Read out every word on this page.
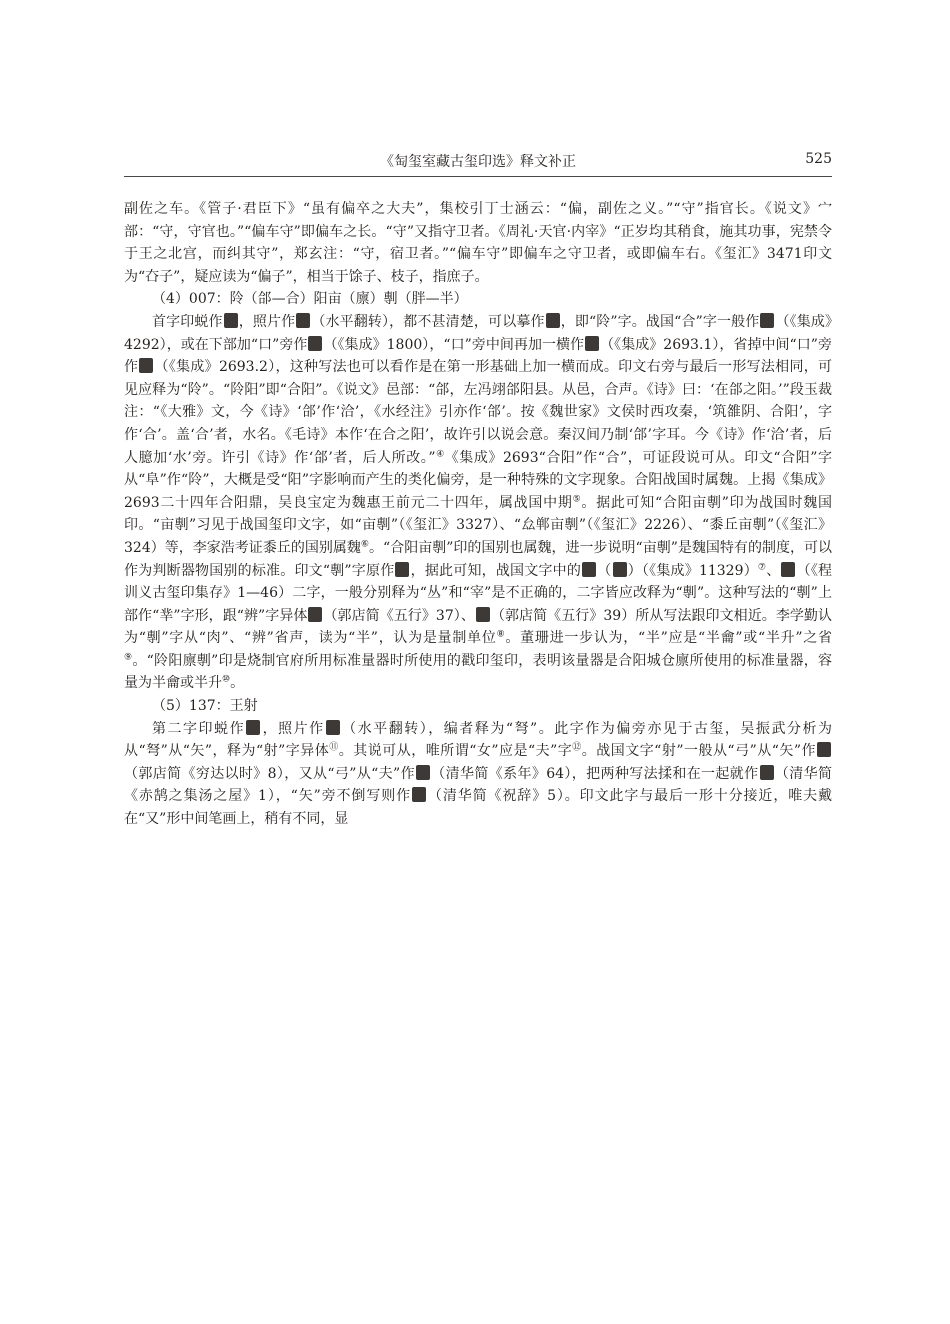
《匋玺室藏古玺印选》释文补正	525

副佐之车。《管子·君臣下》“虽有偏卒之大夫”，集校引丁士涵云：“偏，副佐之义。”“守”指官长。《说文》宀部：“守，守官也。”“偏车守”即偏车之长。“守”又指守卫者。《周礼·天官·内宰》“正岁均其稍食，施其功事，宪禁令于王之北宫，而纠其守”，郑玄注：“守，宿卫者。”“偏车守”即偏车之守卫者，或即偏车右。《玺汇》3471印文为“㚎子”，疑应读为“偏子”，相当于馀子、枝子，指庶子。

（4）007：阾（郃—合）阳亩（廪）剸（胖—半）

首字印蜕作 ，照片作 （水平翻转），都不甚清楚，可以摹作 ，即“阾”字。战国“合”字一般作 （《集成》4292），或在下部加“口”旁作 （《集成》1800），“口”旁中间再加一横作 （《集成》2693.1），省掉中间“口”旁作 （《集成》2693.2），这种写法也可以看作是在第一形基础上加一横而成。印文右旁与最后一形写法相同，可见应释为“阾”。“阾阳”即“合阳”。《说文》邑部：“郃，左冯翊郃阳县。从邑，合声。《诗》曰：‘在郃之阳。’”段玉裁注：“《大雅》文，今《诗》‘郃’作‘洽’，《水经注》引亦作‘郃’。按《魏世家》文侯时西攻秦，‘筑雒阴、合阳’，字作‘合’。盖‘合’者，水名。《毛诗》本作‘在合之阳’，故许引以说会意。秦汉间乃制‘郃’字耳。今《诗》作‘洽’者，后人臆加‘水’旁。许引《诗》作‘郃’者，后人所改。”④《集成》2693“合阳”作“合”，可证段说可从。印文“合阳”字从“阜”作“阾”，大概是受“阳”字影响而产生的类化偏旁，是一种特殊的文字现象。合阳战国时属魏。上揭《集成》2693二十四年合阳鼎，吴良宝定为魏惠王前元二十四年，属战国中期⑤。据此可知“合阳亩剸”印为战国时魏国印。“亩剸”习见于战国玺印文字，如“亩剸”（《玺汇》3327）、“厽郸亩剸”（《玺汇》2226）、“黍丘亩剸”（《玺汇》324）等，李家浩考证黍丘的国别属魏⑥。“合阳亩剸”印的国别也属魏，进一步说明“亩剸”是魏国特有的制度，可以作为判断器物国别的标准。印文“剸”字原作 ，据此可知，战国文字中的 （ ）（《集成》11329）⑦、 （《程训义古玺印集存》1—46）二字，一般分别释为“丛”和“宰”是不正确的，二字皆应改释为“剸”。这种写法的“剸”上部作“丵”字形，跟“辨”字异体 （郭店简《五行》37）、 （郭店简《五行》39）所从写法跟印文相近。李学勤认为“剸”字从“肉”、“辨”省声，读为“半”，认为是量制单位⑧。董珊进一步认为，“半”应是“半龠”或“半升”之省⑨。“阾阳廪剸”印是烧制官府所用标准量器时所使用的戳印玺印，表明该量器是合阳城仓廪所使用的标准量器，容量为半龠或半升⑩。

（5）137：王射

第二字印蜕作 ，照片作 （水平翻转），编者释为“弩”。此字作为偏旁亦见于古玺，吴振武分析为从“弩”从“矢”，释为“射”字异体⑪。其说可从，唯所谓“女”应是“夫”字⑫。战国文字“射”一般从“弓”从“矢”作（郭店简《穷达以时》8），又从“弓”从“夫”作 （清华简《系年》64），把两种写法揉和在一起就作 （清华简《赤鹄之集汤之屋》1），“矢”旁不倒写则作 （清华简《祝辞》5）。印文此字与最后一形十分接近，唯夫戴在“又”形中间笔画上，稍有不同，显
